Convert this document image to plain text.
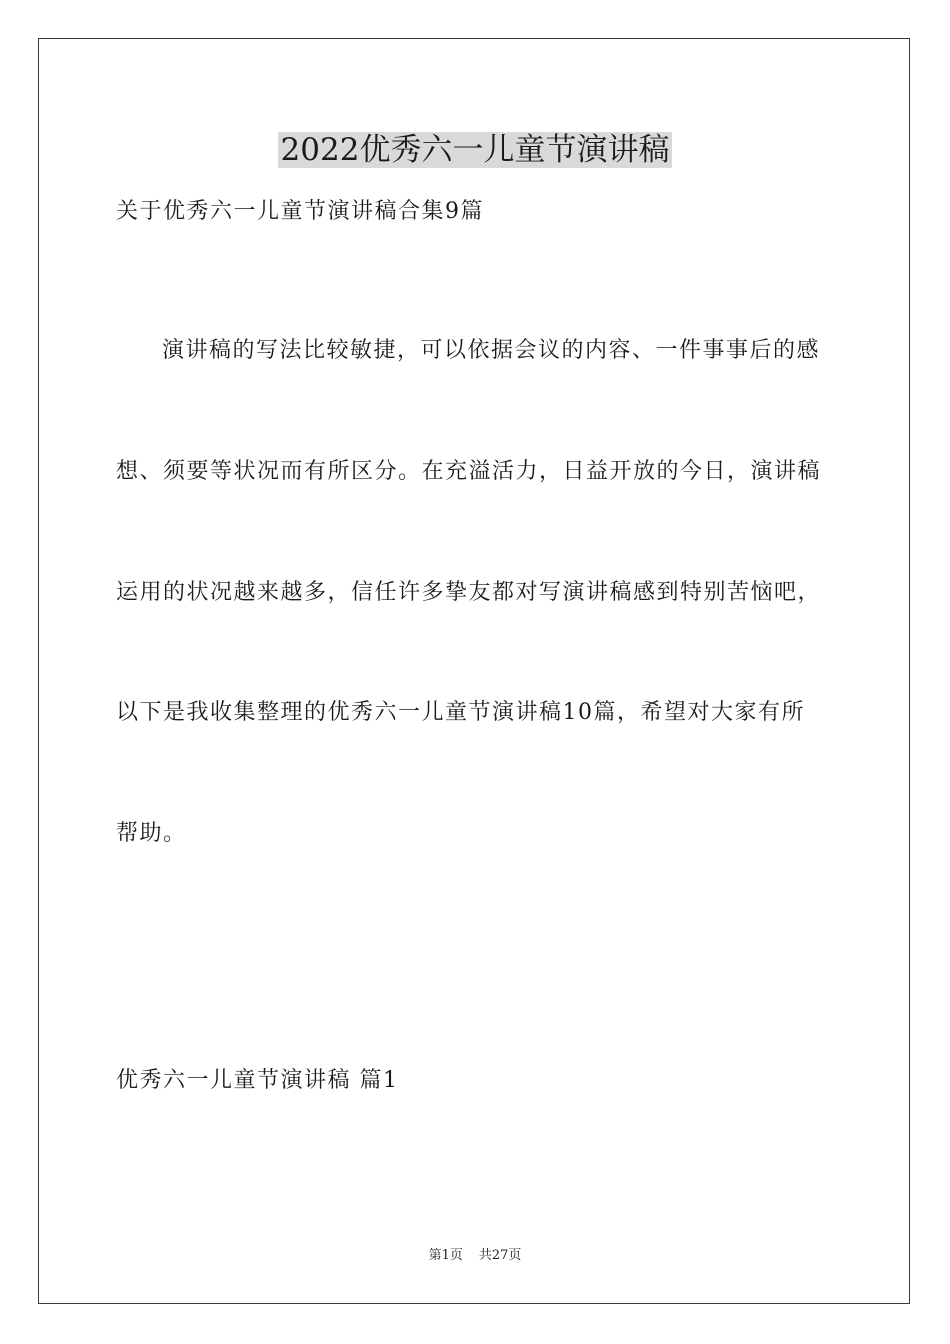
2022优秀六一儿童节演讲稿
关于优秀六一儿童节演讲稿合集9篇
演讲稿的写法比较敏捷，可以依据会议的内容、一件事事后的感
想、须要等状况而有所区分。在充溢活力，日益开放的今日，演讲稿
运用的状况越来越多，信任许多挚友都对写演讲稿感到特别苦恼吧，
以下是我收集整理的优秀六一儿童节演讲稿10篇，希望对大家有所
帮助。
优秀六一儿童节演讲稿 篇1
第1页 共27页
